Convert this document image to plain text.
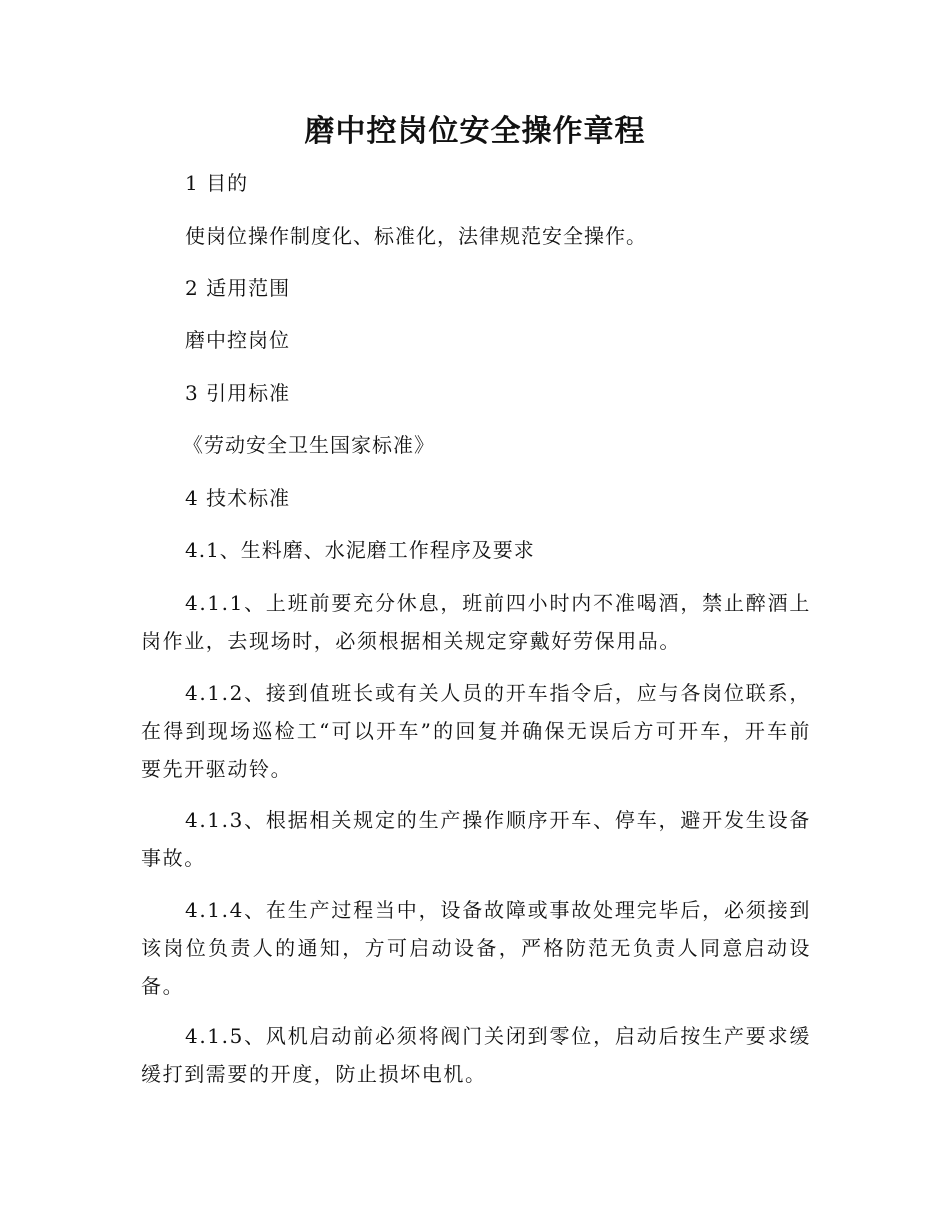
磨中控岗位安全操作章程
1 目的
使岗位操作制度化、标准化，法律规范安全操作。
2 适用范围
磨中控岗位
3 引用标准
《劳动安全卫生国家标准》
4 技术标准
4.1、生料磨、水泥磨工作程序及要求
4.1.1、上班前要充分休息，班前四小时内不准喝酒，禁止醉酒上岗作业，去现场时，必须根据相关规定穿戴好劳保用品。
4.1.2、接到值班长或有关人员的开车指令后，应与各岗位联系，在得到现场巡检工“可以开车”的回复并确保无误后方可开车，开车前要先开驱动铃。
4.1.3、根据相关规定的生产操作顺序开车、停车，避开发生设备事故。
4.1.4、在生产过程当中，设备故障或事故处理完毕后，必须接到该岗位负责人的通知，方可启动设备，严格防范无负责人同意启动设备。
4.1.5、风机启动前必须将阀门关闭到零位，启动后按生产要求缓缓打到需要的开度，防止损坏电机。
